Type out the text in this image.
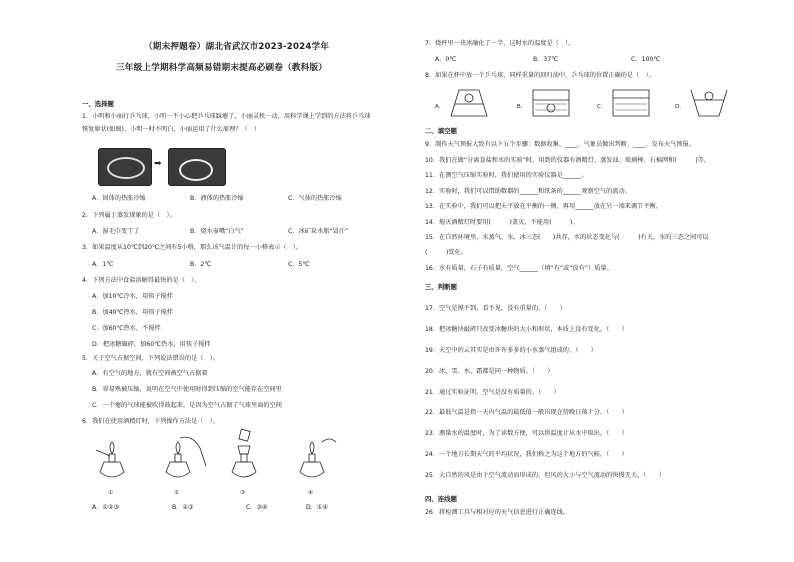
（期末押题卷）湖北省武汉市2023-2024学年
三年级上学期科学高频易错期末提高必刷卷（教科版）
一、选择题
1．小明和小丽打乒乓球，小明一不小心把乒乓球踩瘪了，小丽灵机一动，用科学课上学到的方法将乒乓球
恢复原状(如图)，小明一时不明白，小丽运用了什么原理？（　）
➡
A．固体的热胀冷缩	B．液体的热胀冷缩	C．气体的热胀冷缩
2．下列属于蒸发现象的是（　）。
A．湿毛巾变干了	B．烧水壶嘴“白气”	C．冰矿泉水瓶“冒汗”
3．如果温度从10℃到20℃之间有5小格，那么该气温计的每一小格表示（　）。
A．1℃	B．2℃	C．5℃
4．下列方法中食盐溶解得最快的是（　）。
A．加10℃冷水，用筷子搅拌
B．加40℃热水，用筷子搅拌
C．加60℃热水，不搅拌
D．把冰糖碾碎，加60℃热水，用筷子搅拌
5．关于空气占据空间，下列说法错误的是（　）。
A．有空气的地方，就有空间被空气占据着
B．容易熟被压缩，说明在空气中使用时得到压缩的空气能存在空间里
C．一个瘪的气球能被吹得鼓起来，是因为空气占据了气球里面的空间
6．我们在使用酒精灯时，下列操作方法是（　）。
①	②	③	④
A．①②③	B．②③	C．③④	D．①④
7．烧杯里一块冰融化了一半，这时水的温度是（　）。
A．0℃	B．37℃	C．100℃
8．如果在杯中放一个乒乓球，同样重量的回归油中，乒乓球的位置正确的是（　）。
A.	B.	C.	D.
二、填空题
9．制作天气预报大致有以下五个步骤：数据收集、____、气象员做出判断、____、发布天气预报。
10．我们在做“分离食盐和水的实验”时，用到的仪器有酒精灯、蒸发皿、玻璃棒、石棉网和(　　　)等。
11．在测空气压缩实验时，我们使用的实验仪器是______。
12．实验时，我们可以借助数器的______和纸条的______观察空气的流动。
13．在实验中，我们可以把天平放在平衡的一侧，再用______放在另一端来调节平衡。
14．熄灭酒精灯时要用(　　　)盖灭，不能用(　　　)。
15．在自然环境里，水蒸气、水、冰三态(　　)共存，水的状态变化与(　　　)有关，水的三态之间可以
(　　　)变化。
16．水有质量，石子有质量，空气______（填“有”或“没有”）质量。
三、判断题
17．空气是摸不到，看不见，没有重量的。（　　）
18．把冰糖块敲碎只改变冰糖块的大小和形状，本质上没有变化。（　　）
19．天空中的云其实是由许许多多的小水蒸气组成的。（　　）
20．冰、雪、水、霜都是同一种物质。（　　）
21．通过实验证明，空气是没有质量的。（　　）
22．最低气温是指一天内气温的最低值一般出现在傍晚日落十分。（　　）
23．测量水的温度时，为了读数方便，可以将温度计从水中取出。（　　）
24．一个地方长期天气的平均状况，我们称之为这个地方的气候。（　　）
25．大自然的风是由于空气流动而形成的，但风的大小与空气流动的快慢无关。（　　）
四、连线题
26．将检测工具与相对应的天气信息进行正确连线。
